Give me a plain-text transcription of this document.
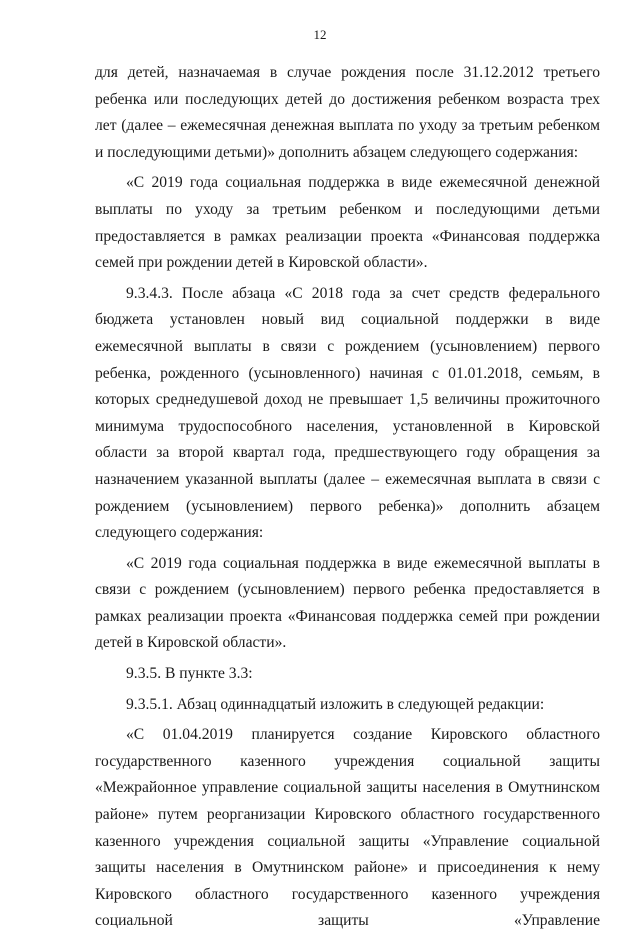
12

для детей, назначаемая в случае рождения после 31.12.2012 третьего ребенка или последующих детей до достижения ребенком возраста трех лет (далее – ежемесячная денежная выплата по уходу за третьим ребенком и последующими детьми)» дополнить абзацем следующего содержания:

«С 2019 года социальная поддержка в виде ежемесячной денежной выплаты по уходу за третьим ребенком и последующими детьми предоставляется в рамках реализации проекта «Финансовая поддержка семей при рождении детей в Кировской области».

9.3.4.3. После абзаца «С 2018 года за счет средств федерального бюджета установлен новый вид социальной поддержки в виде ежемесячной выплаты в связи с рождением (усыновлением) первого ребенка, рожденного (усыновленного) начиная с 01.01.2018, семьям, в которых среднедушевой доход не превышает 1,5 величины прожиточного минимума трудоспособного населения, установленной в Кировской области за второй квартал года, предшествующего году обращения за назначением указанной выплаты (далее – ежемесячная выплата в связи с рождением (усыновлением) первого ребенка)» дополнить абзацем следующего содержания:

«С 2019 года социальная поддержка в виде ежемесячной выплаты в связи с рождением (усыновлением) первого ребенка предоставляется в рамках реализации проекта «Финансовая поддержка семей при рождении детей в Кировской области».

9.3.5. В пункте 3.3:

9.3.5.1. Абзац одиннадцатый изложить в следующей редакции:

«С 01.04.2019 планируется создание Кировского областного государственного казенного учреждения социальной защиты «Межрайонное управление социальной защиты населения в Омутнинском районе» путем реорганизации Кировского областного государственного казенного учреждения социальной защиты «Управление социальной защиты населения в Омутнинском районе» и присоединения к нему Кировского областного государственного казенного учреждения социальной защиты «Управление
